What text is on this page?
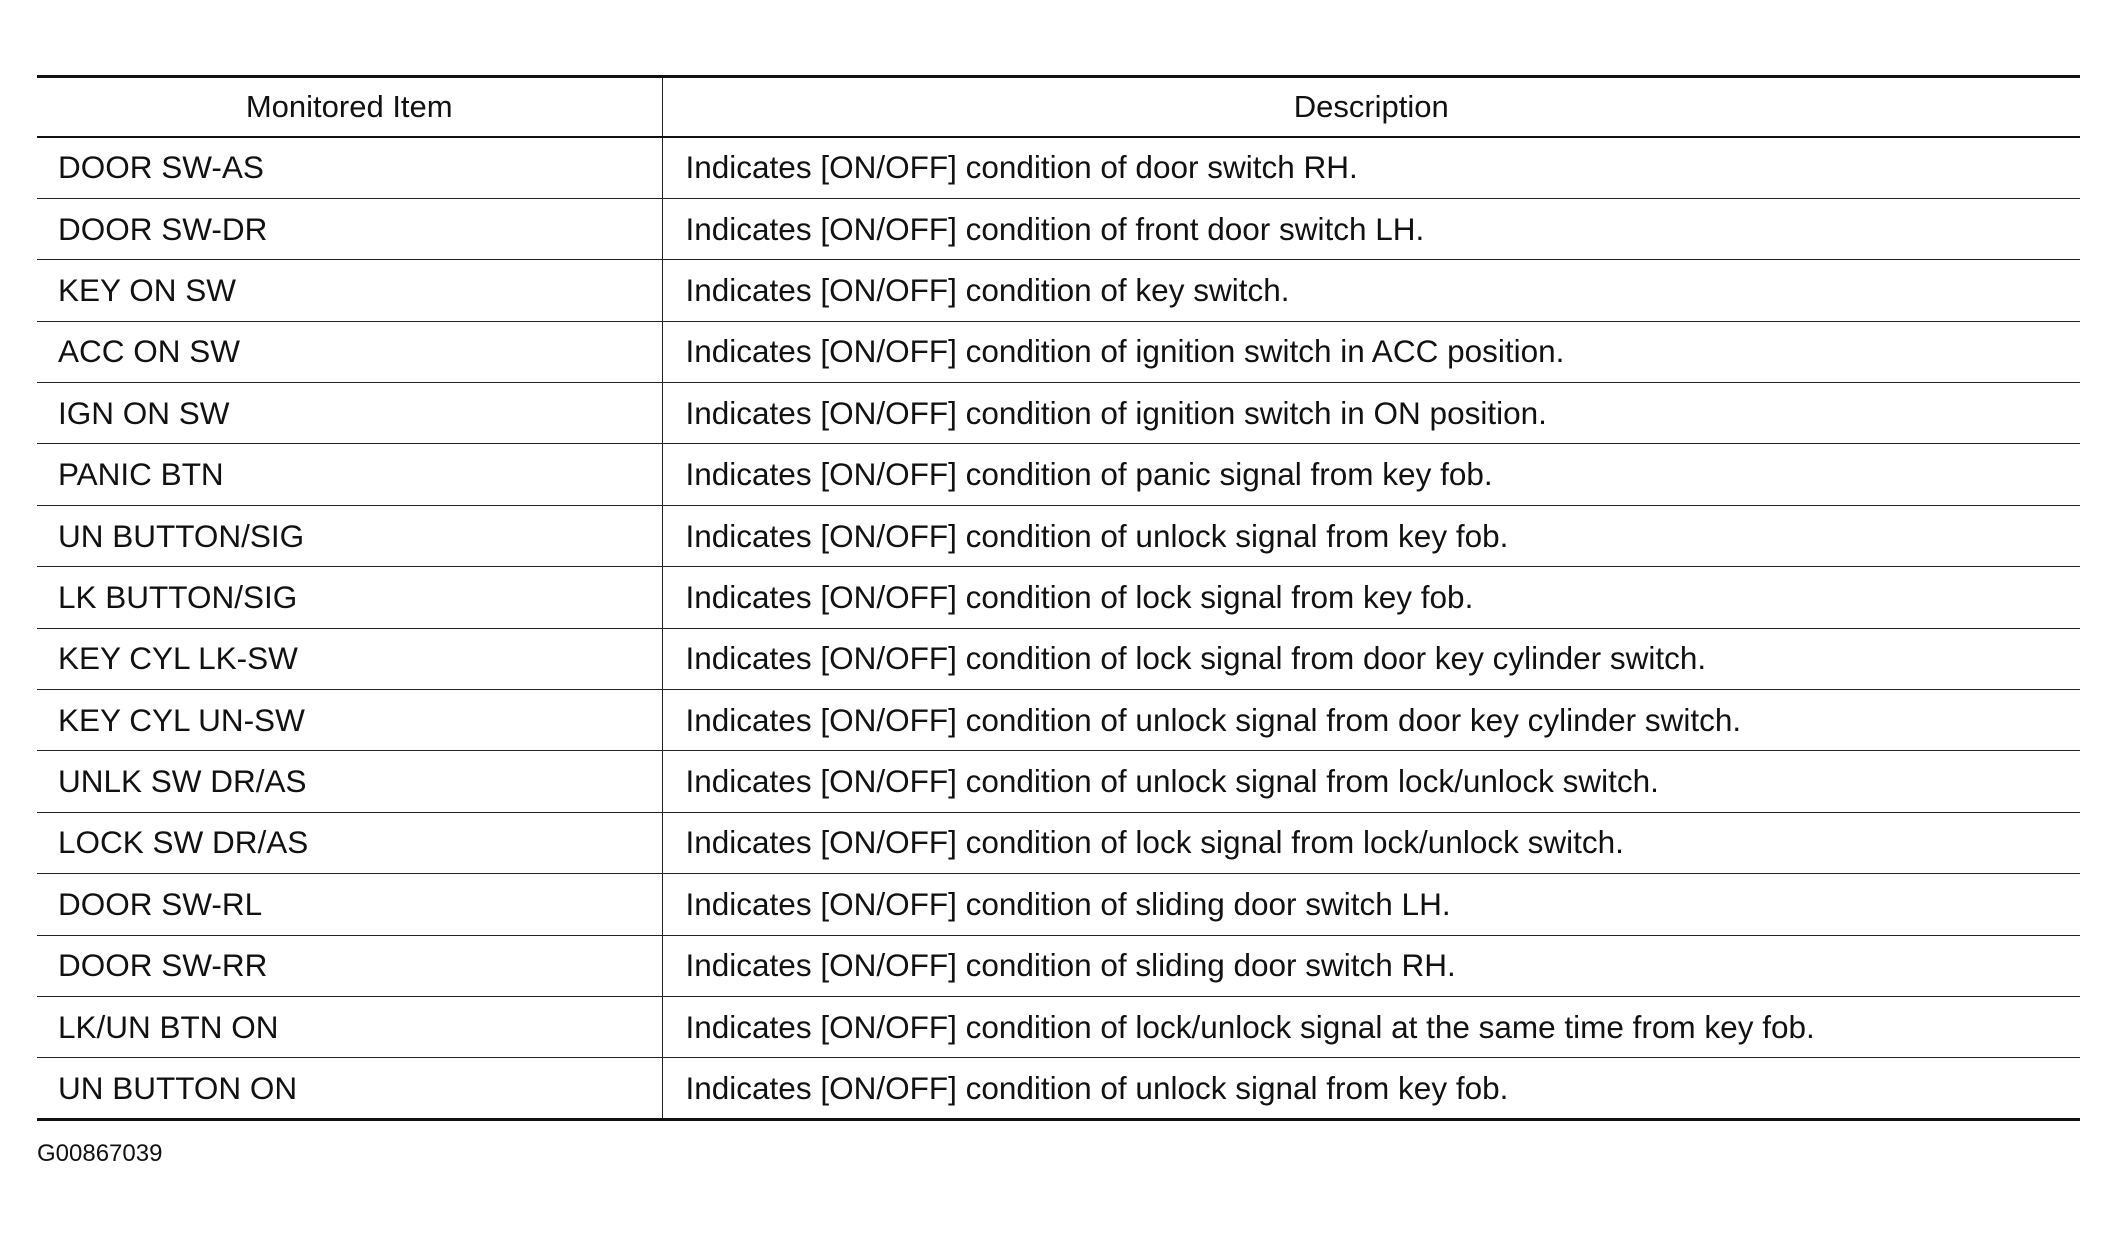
Monitored Item	Description
DOOR SW-AS	Indicates [ON/OFF] condition of door switch RH.
DOOR SW-DR	Indicates [ON/OFF] condition of front door switch LH.
KEY ON SW	Indicates [ON/OFF] condition of key switch.
ACC ON SW	Indicates [ON/OFF] condition of ignition switch in ACC position.
IGN ON SW	Indicates [ON/OFF] condition of ignition switch in ON position.
PANIC BTN	Indicates [ON/OFF] condition of panic signal from key fob.
UN BUTTON/SIG	Indicates [ON/OFF] condition of unlock signal from key fob.
LK BUTTON/SIG	Indicates [ON/OFF] condition of lock signal from key fob.
KEY CYL LK-SW	Indicates [ON/OFF] condition of lock signal from door key cylinder switch.
KEY CYL UN-SW	Indicates [ON/OFF] condition of unlock signal from door key cylinder switch.
UNLK SW DR/AS	Indicates [ON/OFF] condition of unlock signal from lock/unlock switch.
LOCK SW DR/AS	Indicates [ON/OFF] condition of lock signal from lock/unlock switch.
DOOR SW-RL	Indicates [ON/OFF] condition of sliding door switch LH.
DOOR SW-RR	Indicates [ON/OFF] condition of sliding door switch RH.
LK/UN BTN ON	Indicates [ON/OFF] condition of lock/unlock signal at the same time from key fob.
UN BUTTON ON	Indicates [ON/OFF] condition of unlock signal from key fob.
G00867039
